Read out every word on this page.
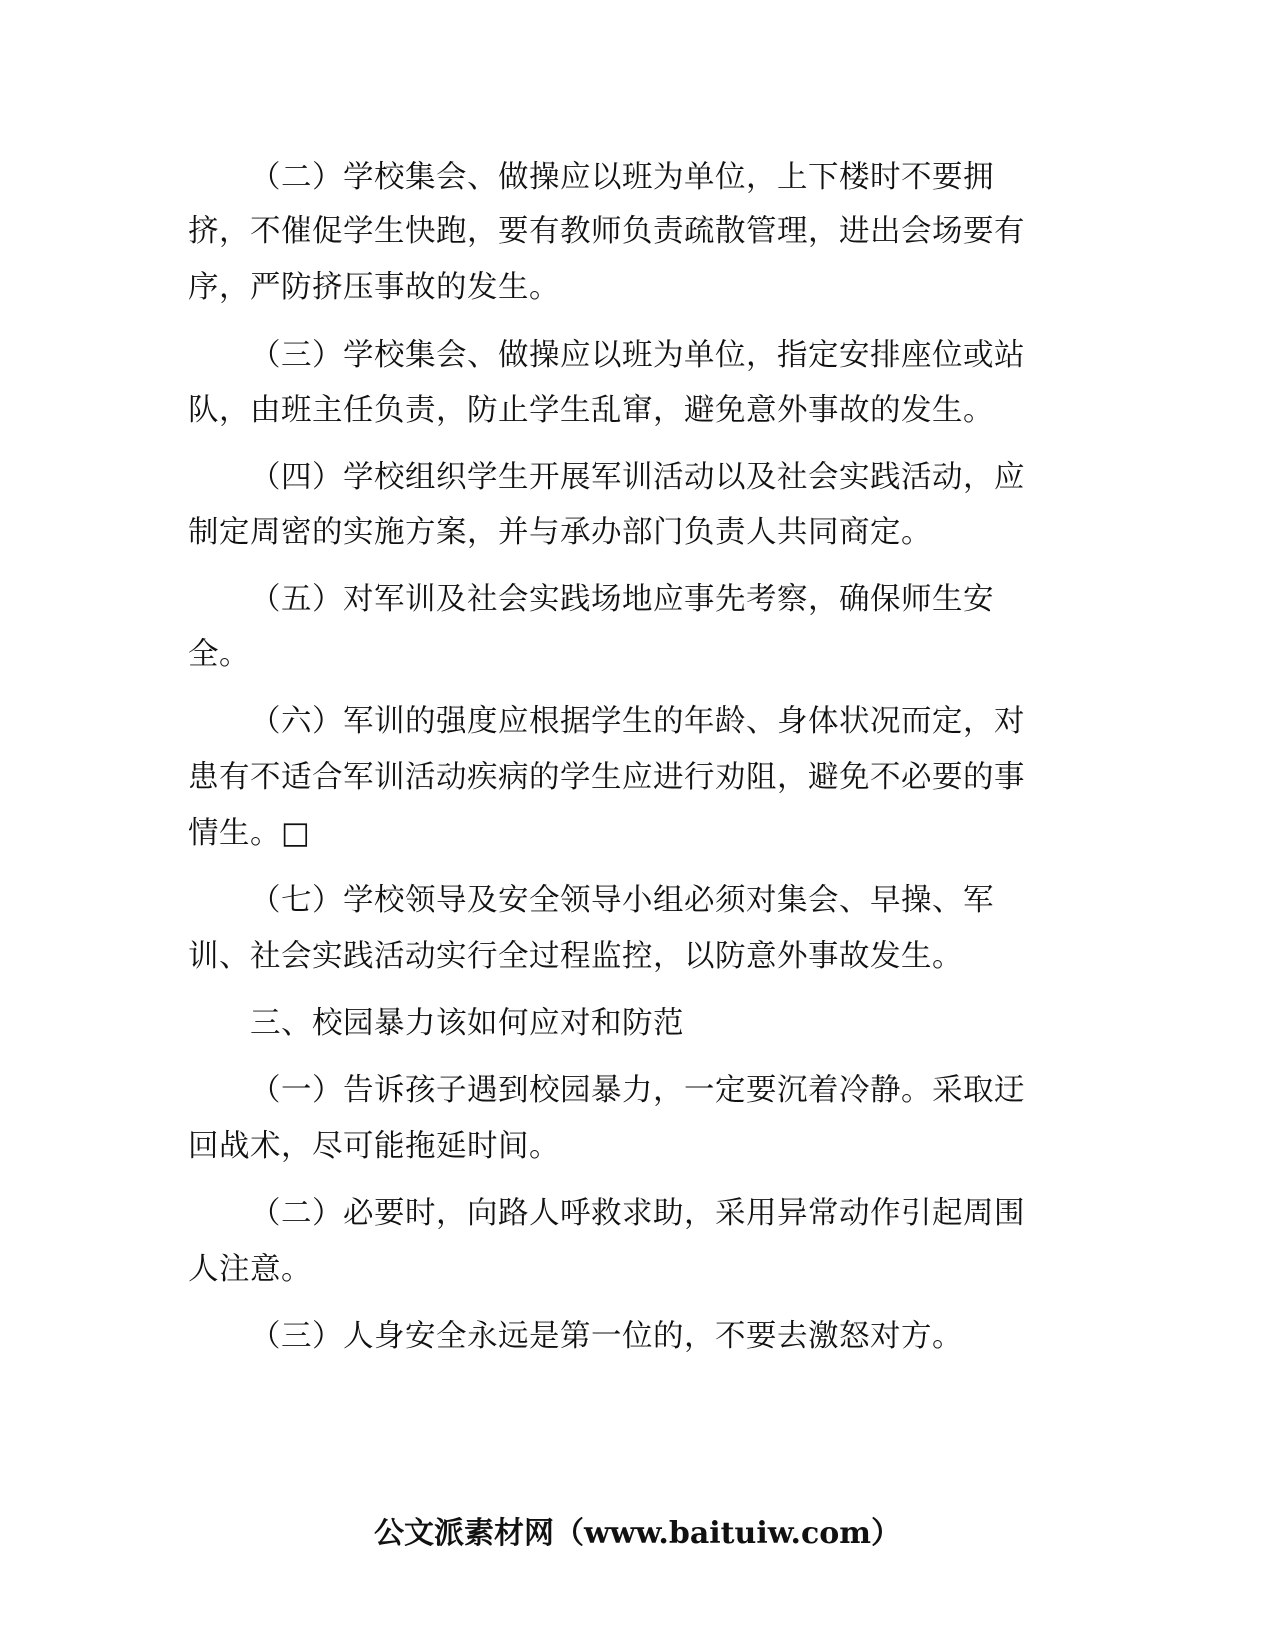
（二）学校集会、做操应以班为单位，上下楼时不要拥
挤，不催促学生快跑，要有教师负责疏散管理，进出会场要有
序，严防挤压事故的发生。
（三）学校集会、做操应以班为单位，指定安排座位或站
队，由班主任负责，防止学生乱窜，避免意外事故的发生。
（四）学校组织学生开展军训活动以及社会实践活动，应
制定周密的实施方案，并与承办部门负责人共同商定。
（五）对军训及社会实践场地应事先考察，确保师生安
全。
（六）军训的强度应根据学生的年龄、身体状况而定，对
患有不适合军训活动疾病的学生应进行劝阻，避免不必要的事
情生。□
（七）学校领导及安全领导小组必须对集会、早操、军
训、社会实践活动实行全过程监控，以防意外事故发生。
三、校园暴力该如何应对和防范
（一）告诉孩子遇到校园暴力，一定要沉着冷静。采取迂
回战术，尽可能拖延时间。
（二）必要时，向路人呼救求助，采用异常动作引起周围
人注意。
（三）人身安全永远是第一位的，不要去激怒对方。
公文派素材网（www.baituiw.com）
